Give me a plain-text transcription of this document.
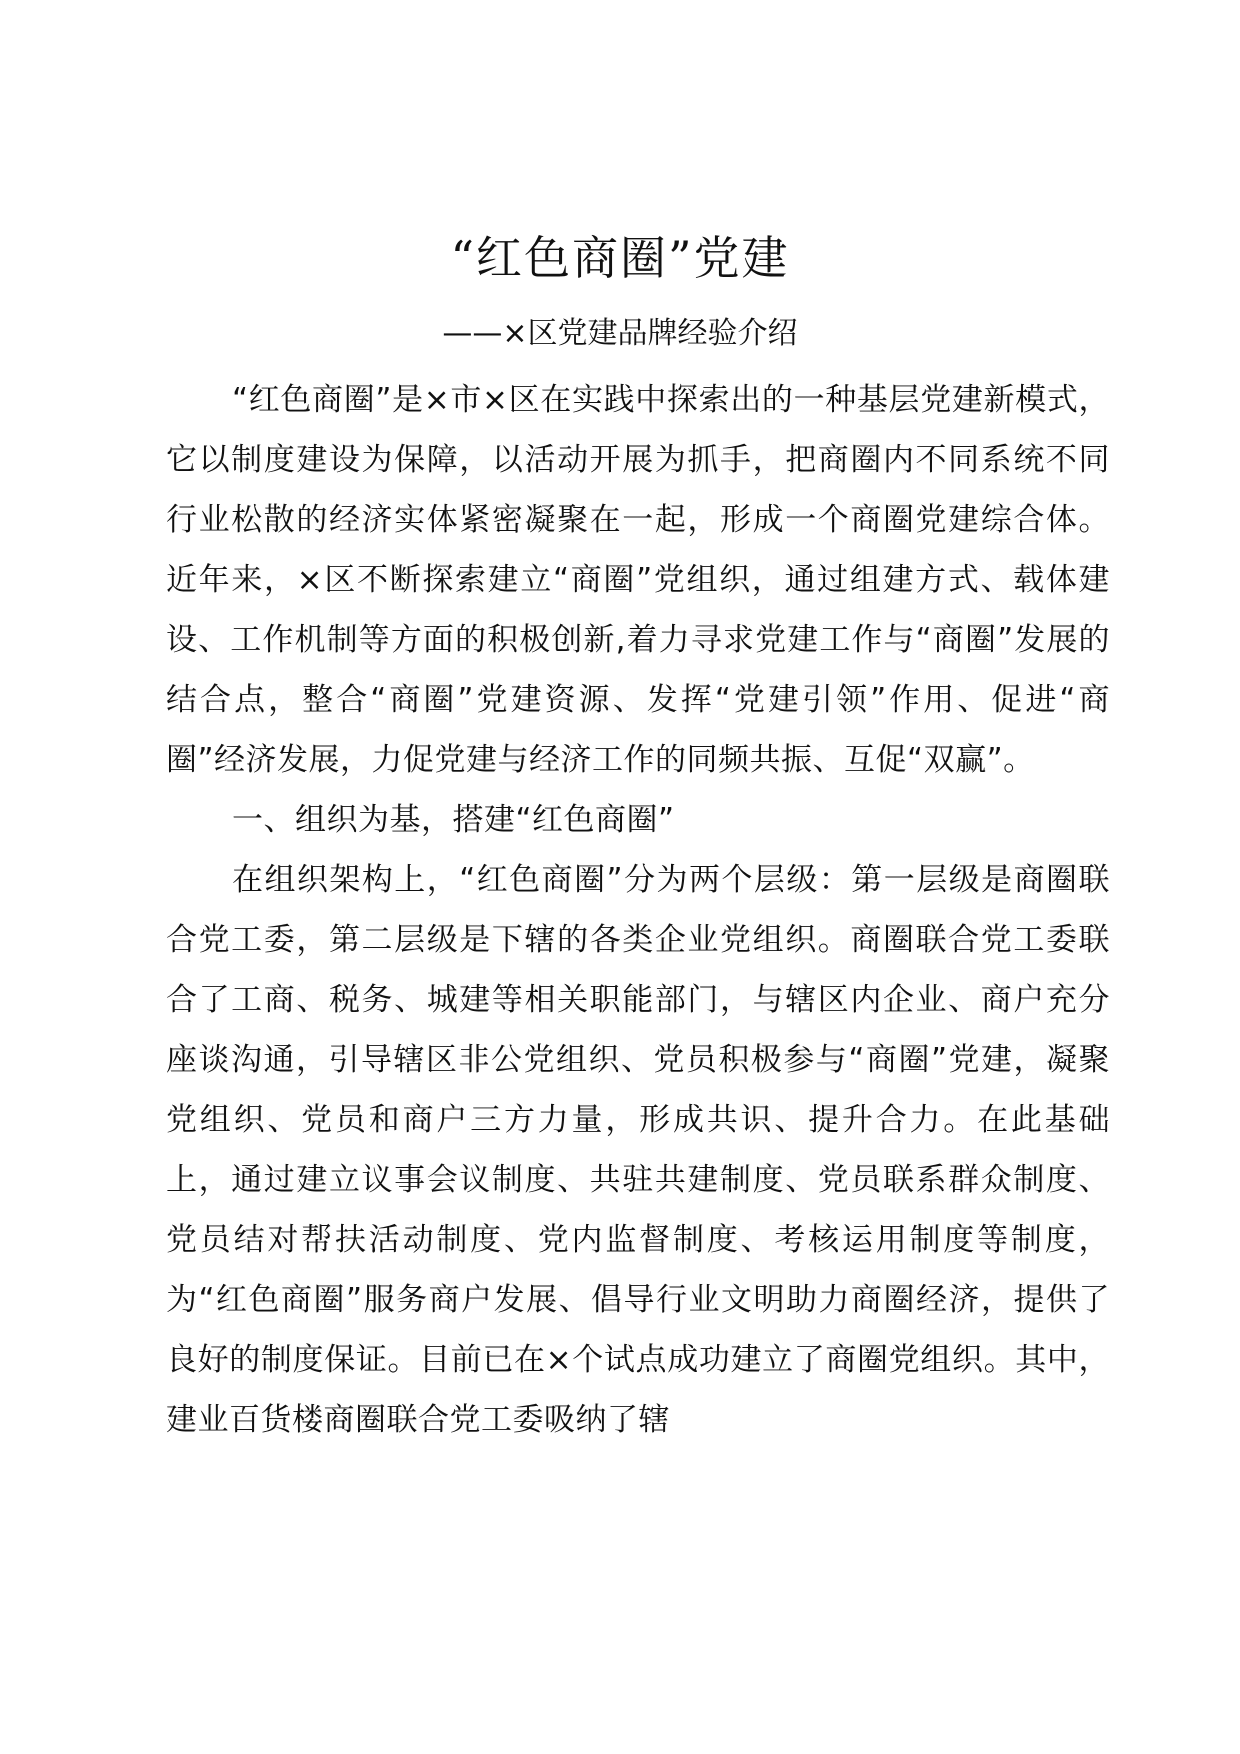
“红色商圈”党建
——×区党建品牌经验介绍

“红色商圈”是×市×区在实践中探索出的一种基层党建新模式，它以制度建设为保障，以活动开展为抓手，把商圈内不同系统不同行业松散的经济实体紧密凝聚在一起，形成一个商圈党建综合体。近年来，×区不断探索建立“商圈”党组织，通过组建方式、载体建设、工作机制等方面的积极创新,着力寻求党建工作与“商圈”发展的结合点，整合“商圈”党建资源、发挥“党建引领”作用、促进“商圈”经济发展，力促党建与经济工作的同频共振、互促“双赢”。

一、组织为基，搭建“红色商圈”

在组织架构上，“红色商圈”分为两个层级：第一层级是商圈联合党工委，第二层级是下辖的各类企业党组织。商圈联合党工委联合了工商、税务、城建等相关职能部门，与辖区内企业、商户充分座谈沟通，引导辖区非公党组织、党员积极参与“商圈”党建，凝聚党组织、党员和商户三方力量，形成共识、提升合力。在此基础上，通过建立议事会议制度、共驻共建制度、党员联系群众制度、党员结对帮扶活动制度、党内监督制度、考核运用制度等制度，为“红色商圈”服务商户发展、倡导行业文明助力商圈经济，提供了良好的制度保证。目前已在×个试点成功建立了商圈党组织。其中，建业百货楼商圈联合党工委吸纳了辖
